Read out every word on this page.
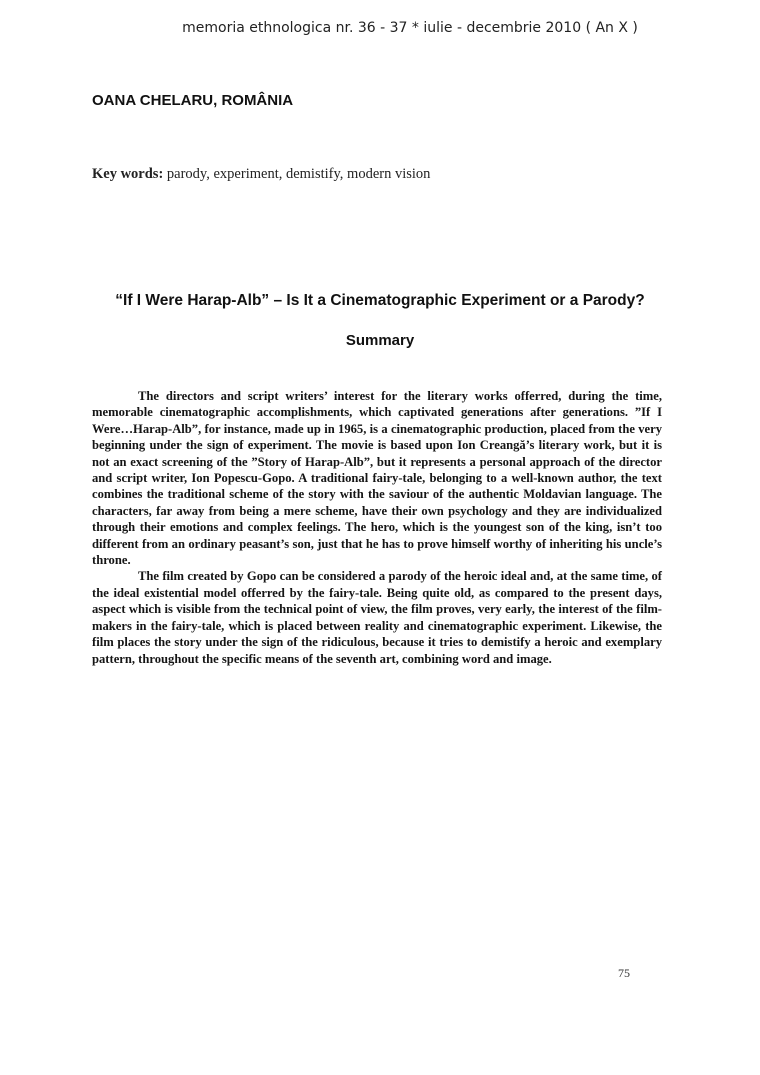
memoria ethnologica nr. 36 - 37 * iulie - decembrie 2010 ( An X )
OANA CHELARU, ROMÂNIA
Key words: parody, experiment, demistify, modern vision
“If I Were Harap-Alb” – Is It a Cinematographic Experiment or a Parody?
Summary

The directors and script writers’ interest for the literary works offerred, during the time, memorable cinematographic accomplishments, which captivated generations after generations. ”If I Were…Harap-Alb”, for instance, made up in 1965, is a cinematographic production, placed from the very beginning under the sign of experiment. The movie is based upon Ion Creangă’s literary work, but it is not an exact screening of the ”Story of Harap-Alb”, but it represents a personal approach of the director and script writer, Ion Popescu-Gopo. A traditional fairy-tale, belonging to a well-known author, the text combines the traditional scheme of the story with the saviour of the authentic Moldavian language. The characters, far away from being a mere scheme, have their own psychology and they are individualized through their emotions and complex feelings. The hero, which is the youngest son of the king, isn’t too different from an ordinary peasant’s son, just that he has to prove himself worthy of inheriting his uncle’s throne.

The film created by Gopo can be considered a parody of the heroic ideal and, at the same time, of the ideal existential model offerred by the fairy-tale. Being quite old, as compared to the present days, aspect which is visible from the technical point of view, the film proves, very early, the interest of the film-makers in the fairy-tale, which is placed between reality and cinematographic experiment. Likewise, the film places the story under the sign of the ridiculous, because it tries to demistify a heroic and exemplary pattern, throughout the specific means of the seventh art, combining word and image.

75
